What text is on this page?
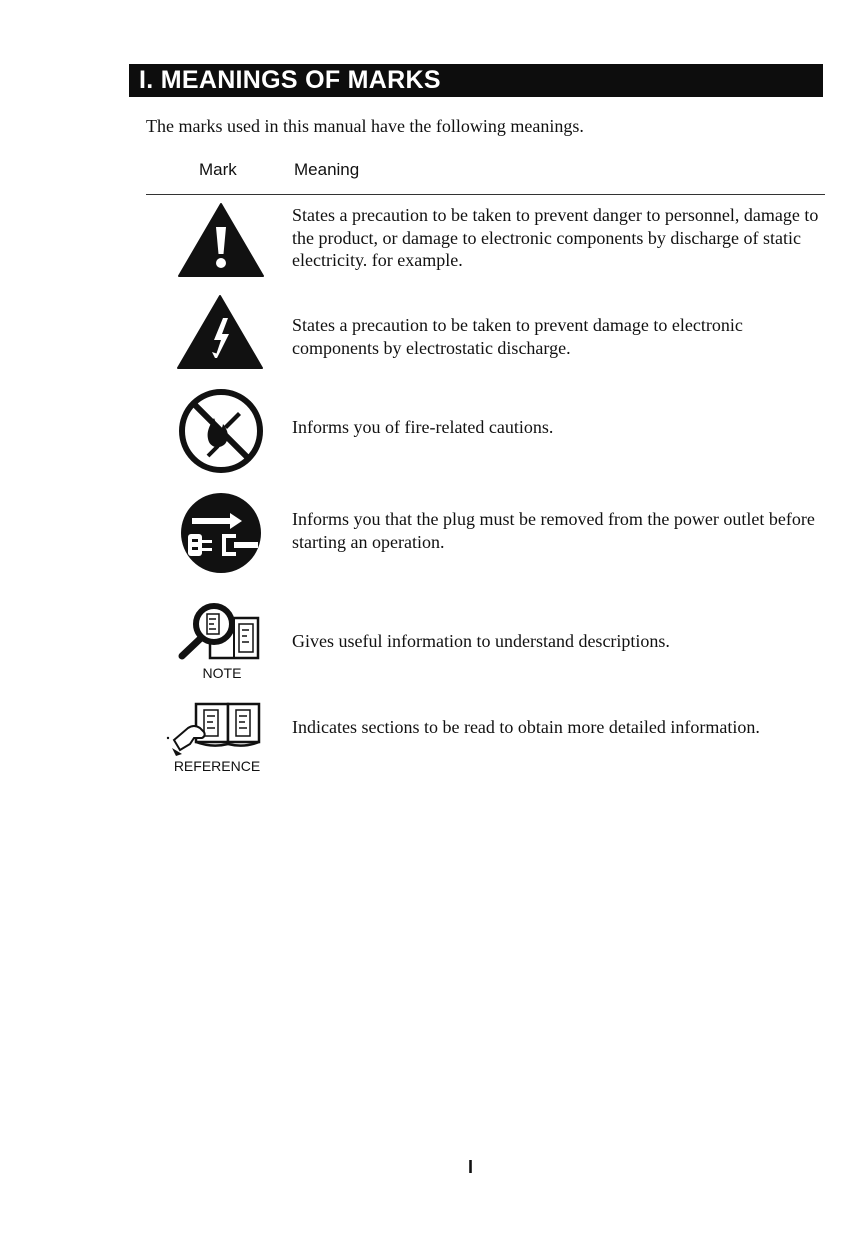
I. MEANINGS OF MARKS
The marks used in this manual have the following meanings.
Mark	Meaning
States a precaution to be taken to prevent danger to personnel, damage to the product, or damage to electronic components by discharge of static electricity. for example.
States a precaution to be taken to prevent damage to electronic components by electrostatic discharge.
Informs you of fire-related cautions.
Informs you that the plug must be removed from the power outlet before starting an operation.
NOTE
Gives useful information to understand descriptions.
REFERENCE
Indicates sections to be read to obtain more detailed information.
I
